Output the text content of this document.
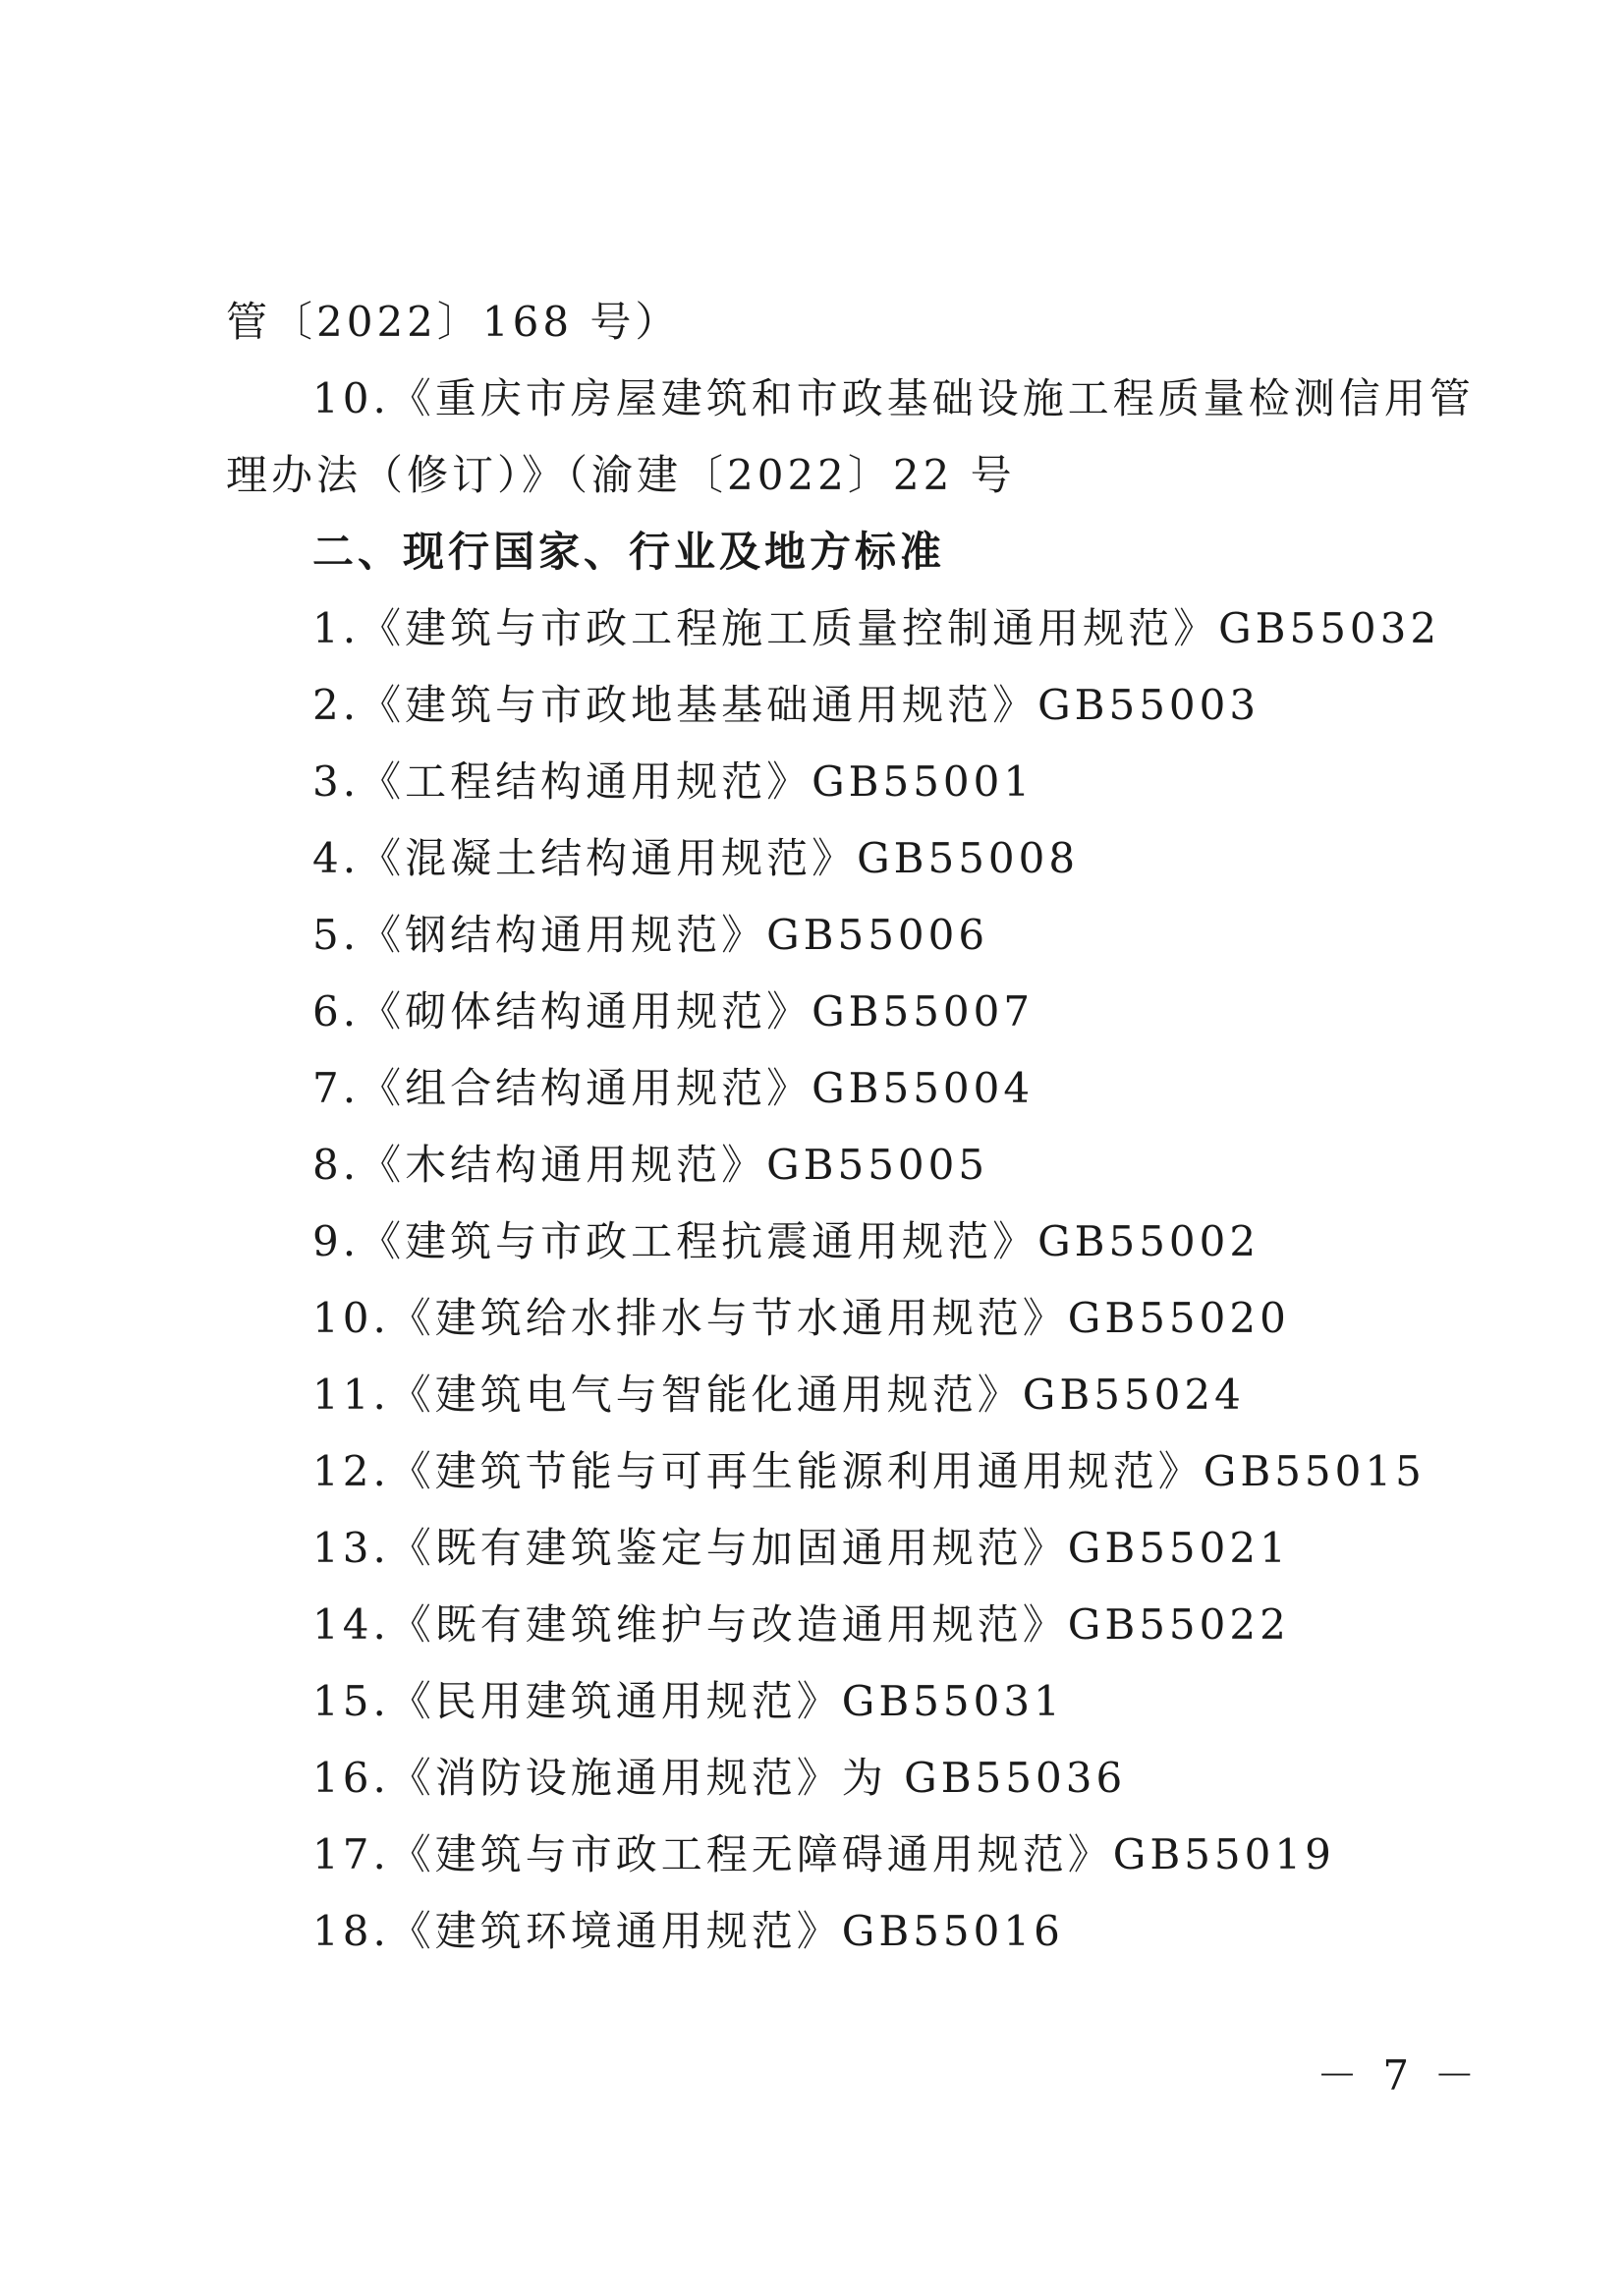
管〔2022〕168 号）
10.《重庆市房屋建筑和市政基础设施工程质量检测信用管
理办法（修订）》（渝建〔2022〕22 号
二、现行国家、行业及地方标准
1.《建筑与市政工程施工质量控制通用规范》GB55032
2.《建筑与市政地基基础通用规范》GB55003
3.《工程结构通用规范》GB55001
4.《混凝土结构通用规范》GB55008
5.《钢结构通用规范》GB55006
6.《砌体结构通用规范》GB55007
7.《组合结构通用规范》GB55004
8.《木结构通用规范》GB55005
9.《建筑与市政工程抗震通用规范》GB55002
10.《建筑给水排水与节水通用规范》GB55020
11.《建筑电气与智能化通用规范》GB55024
12.《建筑节能与可再生能源利用通用规范》GB55015
13.《既有建筑鉴定与加固通用规范》GB55021
14.《既有建筑维护与改造通用规范》GB55022
15.《民用建筑通用规范》GB55031
16.《消防设施通用规范》为 GB55036
17.《建筑与市政工程无障碍通用规范》GB55019
18.《建筑环境通用规范》GB55016
－ 7 －
